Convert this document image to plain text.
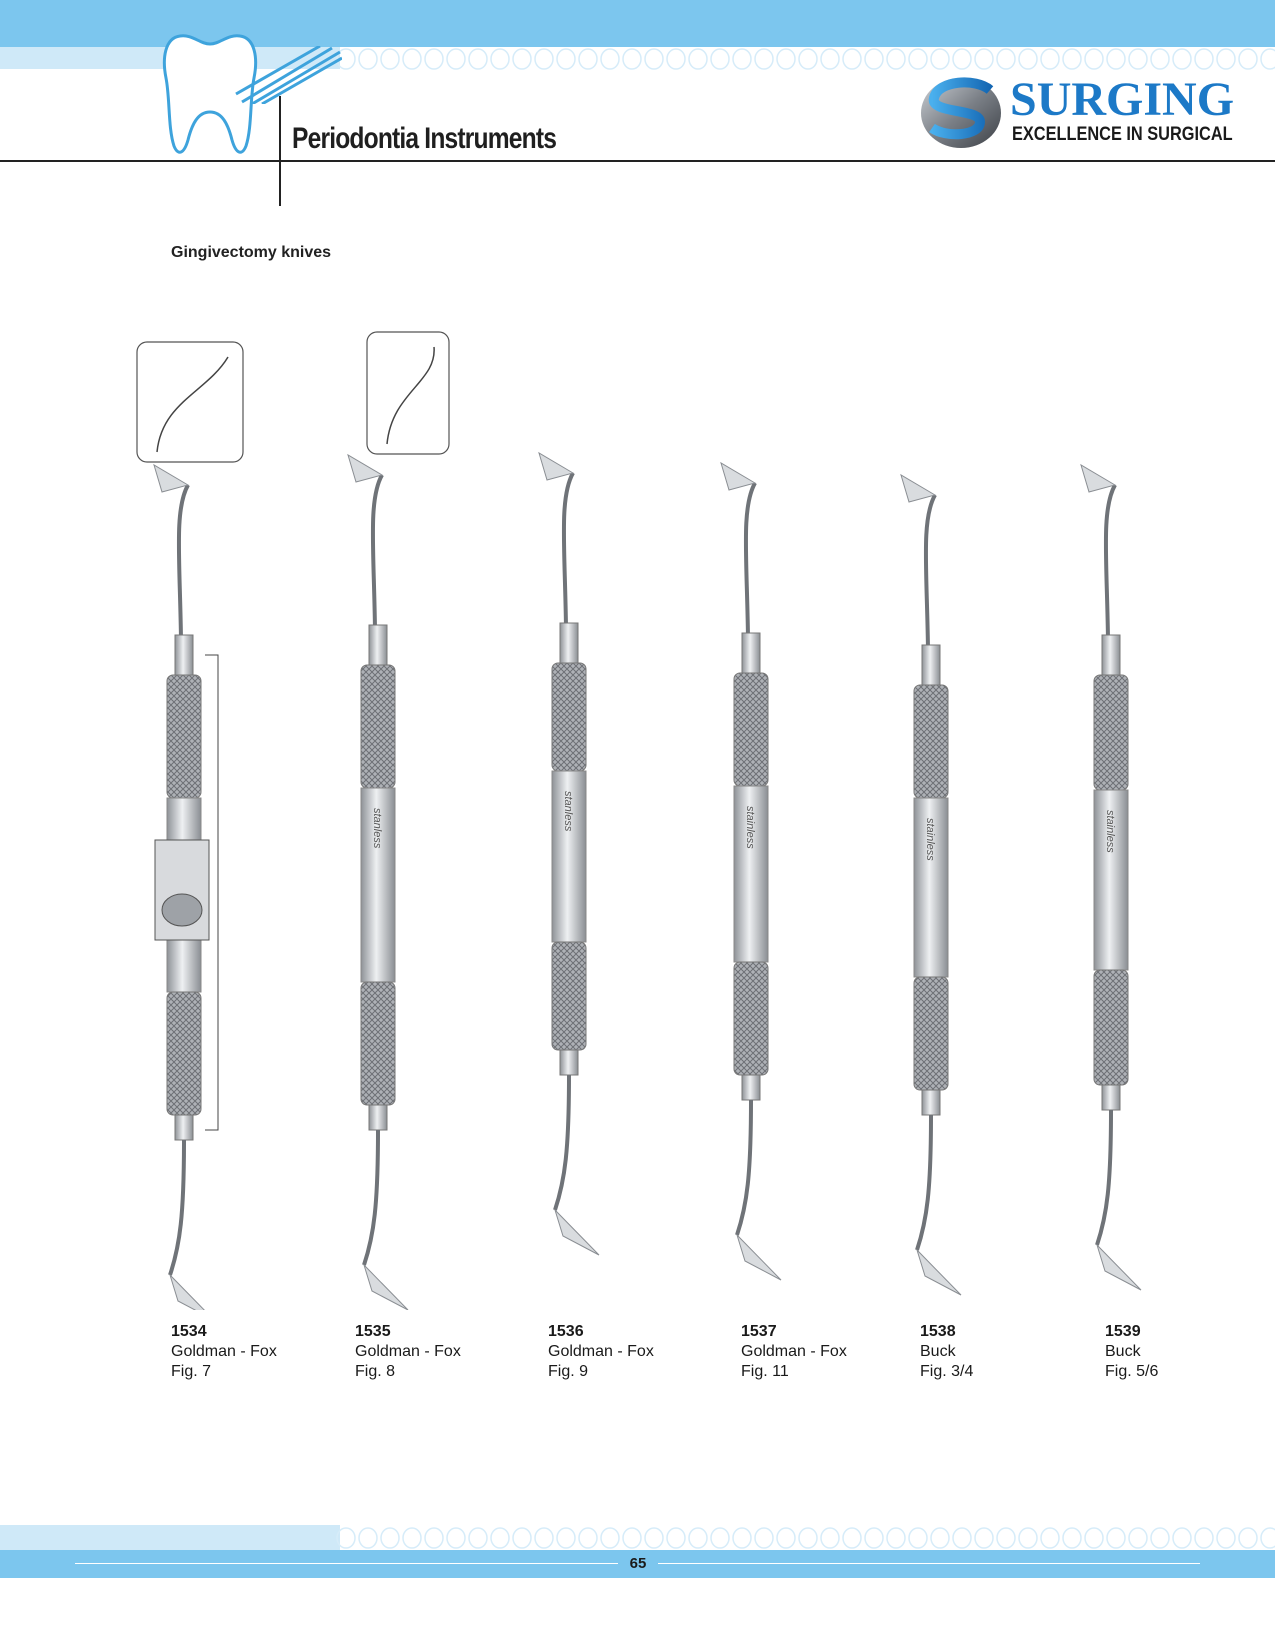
Periodontia Instruments
SURGING
EXCELLENCE IN SURGICAL
Gingivectomy knives
stanless	stanless	stainless	stainless	stainless
1534
Goldman - Fox
Fig. 7
1535
Goldman - Fox
Fig. 8
1536
Goldman - Fox
Fig. 9
1537
Goldman - Fox
Fig. 11
1538
Buck
Fig. 3/4
1539
Buck
Fig. 5/6
65
